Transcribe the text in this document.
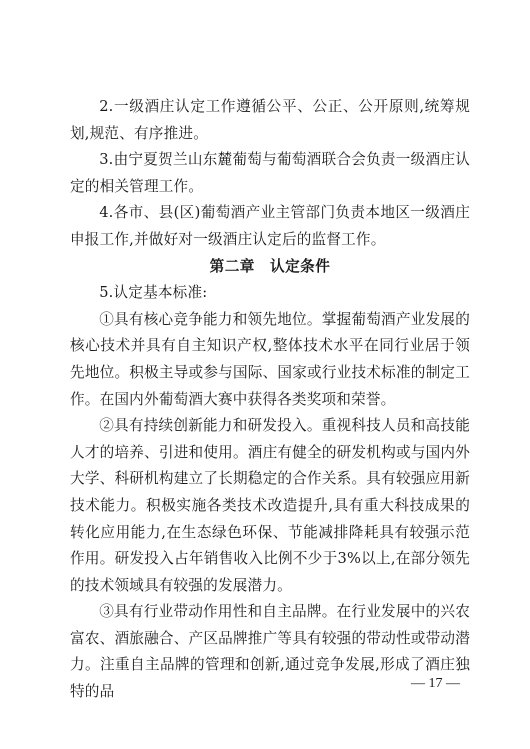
2.一级酒庄认定工作遵循公平、公正、公开原则,统筹规划,规范、有序推进。

3.由宁夏贺兰山东麓葡萄与葡萄酒联合会负责一级酒庄认定的相关管理工作。

4.各市、县(区)葡萄酒产业主管部门负责本地区一级酒庄申报工作,并做好对一级酒庄认定后的监督工作。

第二章　认定条件

5.认定基本标准:

①具有核心竞争能力和领先地位。掌握葡萄酒产业发展的核心技术并具有自主知识产权,整体技术水平在同行业居于领先地位。积极主导或参与国际、国家或行业技术标准的制定工作。在国内外葡萄酒大赛中获得各类奖项和荣誉。

②具有持续创新能力和研发投入。重视科技人员和高技能人才的培养、引进和使用。酒庄有健全的研发机构或与国内外大学、科研机构建立了长期稳定的合作关系。具有较强应用新技术能力。积极实施各类技术改造提升,具有重大科技成果的转化应用能力,在生态绿色环保、节能减排降耗具有较强示范作用。研发投入占年销售收入比例不少于3%以上,在部分领先的技术领域具有较强的发展潜力。

③具有行业带动作用性和自主品牌。在行业发展中的兴农富农、酒旅融合、产区品牌推广等具有较强的带动性或带动潜力。注重自主品牌的管理和创新,通过竞争发展,形成了酒庄独特的品	— 17 —
